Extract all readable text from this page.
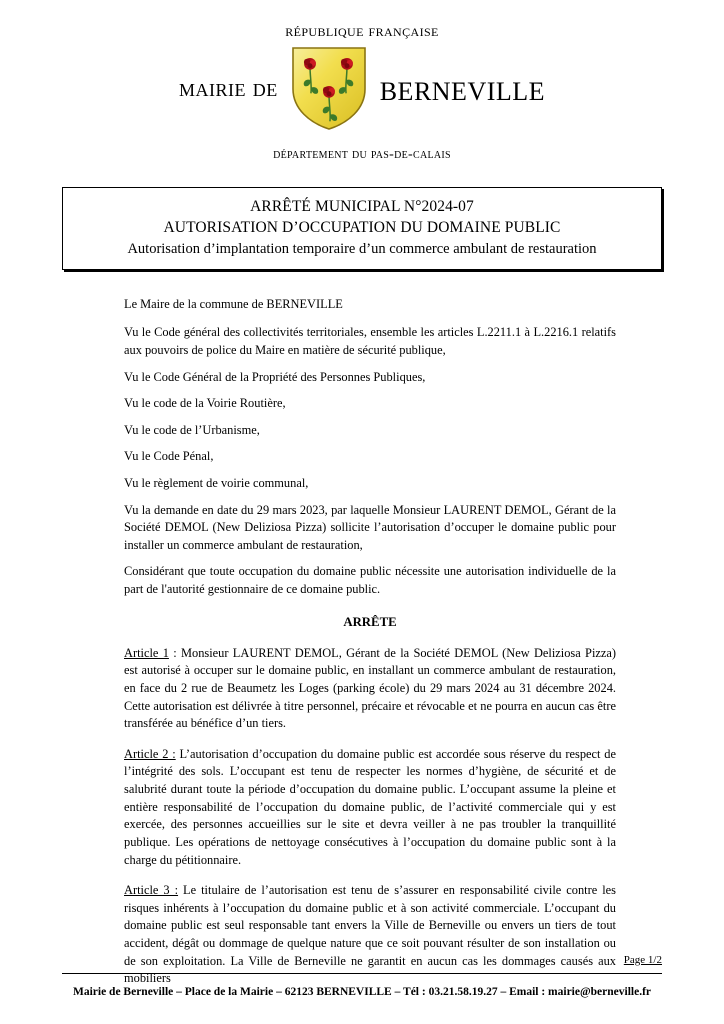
république française
mairie de	berneville
département du pas-de-calais
ARRÊTÉ MUNICIPAL N°2024-07
AUTORISATION D’OCCUPATION DU DOMAINE PUBLIC
Autorisation d’implantation temporaire d’un commerce ambulant de restauration

Le Maire de la commune de BERNEVILLE

Vu le Code général des collectivités territoriales, ensemble les articles L.2211.1 à L.2216.1 relatifs aux pouvoirs de police du Maire en matière de sécurité publique,

Vu le Code Général de la Propriété des Personnes Publiques,

Vu le code de la Voirie Routière,

Vu le code de l’Urbanisme,

Vu le Code Pénal,

Vu le règlement de voirie communal,

Vu la demande en date du 29 mars 2023, par laquelle Monsieur LAURENT DEMOL, Gérant de la Société DEMOL (New Deliziosa Pizza) sollicite l’autorisation d’occuper le domaine public pour installer un commerce ambulant de restauration,

Considérant que toute occupation du domaine public nécessite une autorisation individuelle de la part de l'autorité gestionnaire de ce domaine public.

ARRÊTE

Article 1 : Monsieur LAURENT DEMOL, Gérant de la Société DEMOL (New Deliziosa Pizza) est autorisé à occuper sur le domaine public, en installant un commerce ambulant de restauration, en face du 2 rue de Beaumetz les Loges (parking école) du 29 mars 2024 au 31 décembre 2024. Cette autorisation est délivrée à titre personnel, précaire et révocable et ne pourra en aucun cas être transférée au bénéfice d’un tiers.

Article 2 : L’autorisation d’occupation du domaine public est accordée sous réserve du respect de l’intégrité des sols. L’occupant est tenu de respecter les normes d’hygiène, de sécurité et de salubrité durant toute la période d’occupation du domaine public. L’occupant assume la pleine et entière responsabilité de l’occupation du domaine public, de l’activité commerciale qui y est exercée, des personnes accueillies sur le site et devra veiller à ne pas troubler la tranquillité publique. Les opérations de nettoyage consécutives à l’occupation du domaine public sont à la charge du pétitionnaire.

Article 3 : Le titulaire de l’autorisation est tenu de s’assurer en responsabilité civile contre les risques inhérents à l’occupation du domaine public et à son activité commerciale. L’occupant du domaine public est seul responsable tant envers la Ville de Berneville ou envers un tiers de tout accident, dégât ou dommage de quelque nature que ce soit pouvant résulter de son installation ou de son exploitation. La Ville de Berneville ne garantit en aucun cas les dommages causés aux mobiliers

Page 1/2
Mairie de Berneville – Place de la Mairie – 62123 BERNEVILLE – Tél : 03.21.58.19.27 – Email : mairie@berneville.fr
